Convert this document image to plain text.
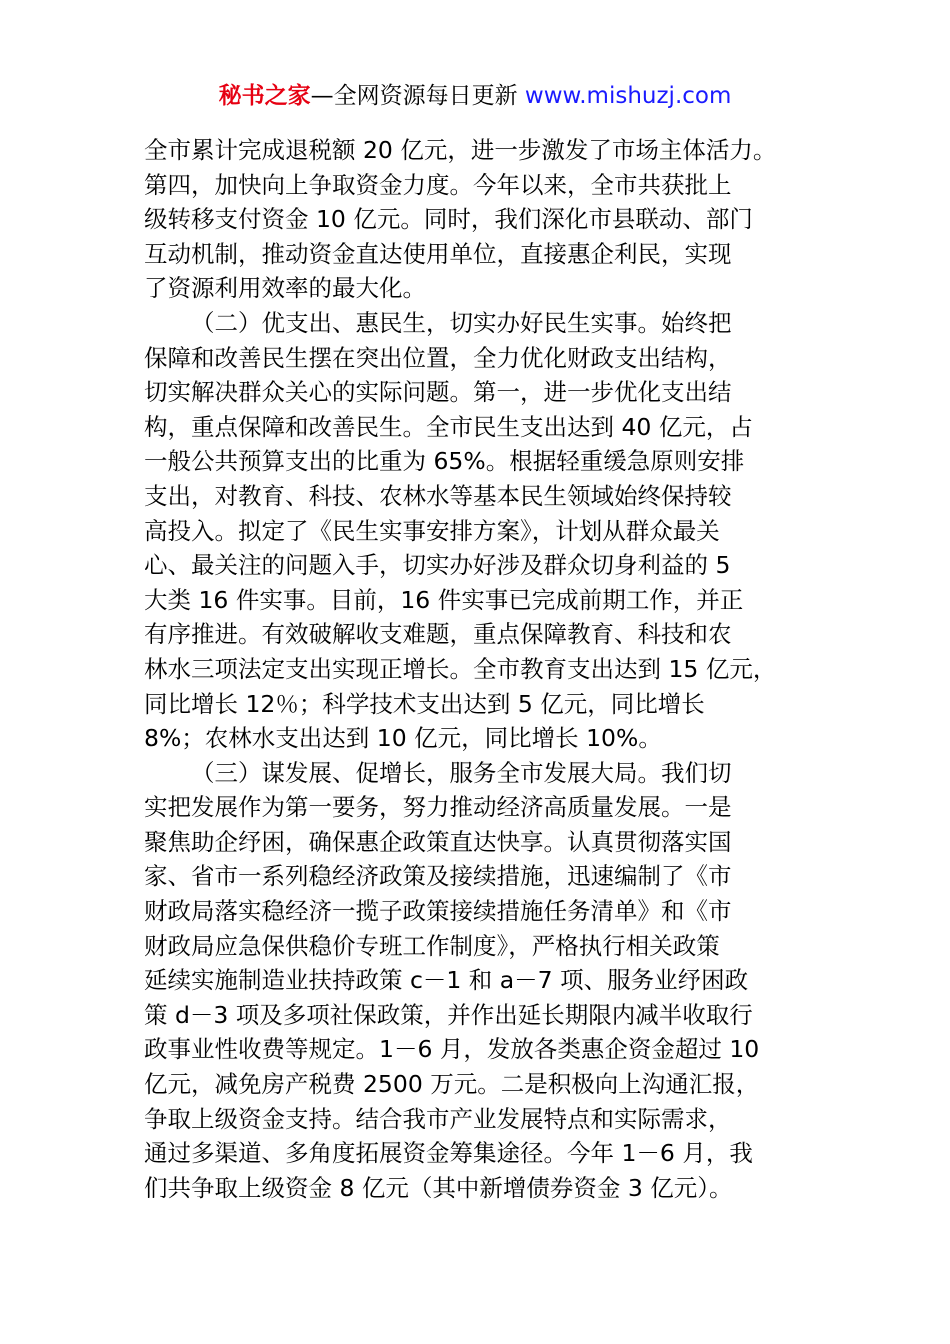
秘书之家—全网资源每日更新 www.mishuzj.com
全市累计完成退税额 20 亿元，进一步激发了市场主体活力。
第四，加快向上争取资金力度。今年以来，全市共获批上
级转移支付资金 10 亿元。同时，我们深化市县联动、部门
互动机制，推动资金直达使用单位，直接惠企利民，实现
了资源利用效率的最大化。
（二）优支出、惠民生，切实办好民生实事。始终把
保障和改善民生摆在突出位置，全力优化财政支出结构，
切实解决群众关心的实际问题。第一，进一步优化支出结
构，重点保障和改善民生。全市民生支出达到 40 亿元，占
一般公共预算支出的比重为 65%。根据轻重缓急原则安排
支出，对教育、科技、农林水等基本民生领域始终保持较
高投入。拟定了《民生实事安排方案》，计划从群众最关
心、最关注的问题入手，切实办好涉及群众切身利益的 5
大类 16 件实事。目前，16 件实事已完成前期工作，并正
有序推进。有效破解收支难题，重点保障教育、科技和农
林水三项法定支出实现正增长。全市教育支出达到 15 亿元，
同比增长 12％；科学技术支出达到 5 亿元，同比增长
8%；农林水支出达到 10 亿元，同比增长 10%。
（三）谋发展、促增长，服务全市发展大局。我们切
实把发展作为第一要务，努力推动经济高质量发展。一是
聚焦助企纾困，确保惠企政策直达快享。认真贯彻落实国
家、省市一系列稳经济政策及接续措施，迅速编制了《市
财政局落实稳经济一揽子政策接续措施任务清单》和《市
财政局应急保供稳价专班工作制度》，严格执行相关政策
延续实施制造业扶持政策 c－1 和 a－7 项、服务业纾困政
策 d－3 项及多项社保政策，并作出延长期限内减半收取行
政事业性收费等规定。1－6 月，发放各类惠企资金超过 10
亿元，减免房产税费 2500 万元。二是积极向上沟通汇报，
争取上级资金支持。结合我市产业发展特点和实际需求，
通过多渠道、多角度拓展资金筹集途径。今年 1－6 月，我
们共争取上级资金 8 亿元（其中新增债券资金 3 亿元）。
